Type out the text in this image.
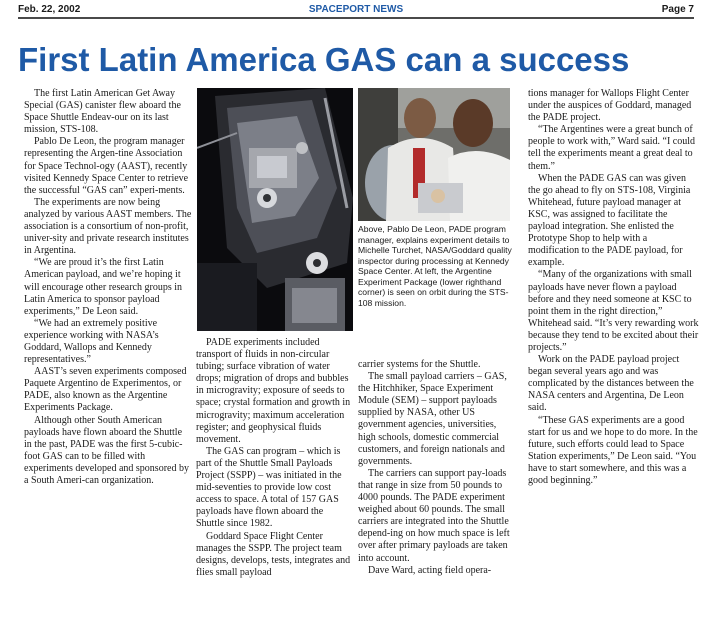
Feb. 22, 2002	SPACEPORT NEWS	Page 7
First Latin America GAS can a success

The first Latin American Get Away Special (GAS) canister flew aboard the Space Shuttle Endeav-our on its last mission, STS-108.

Pablo De Leon, the program manager representing the Argen-tine Association for Space Technol-ogy (AAST), recently visited Kennedy Space Center to retrieve the successful “GAS can” experi-ments.

The experiments are now being analyzed by various AAST members. The association is a consortium of non-profit, univer-sity and private research institutes in Argentina.

“We are proud it’s the first Latin American payload, and we’re hoping it will encourage other research groups in Latin America to sponsor payload experiments,” De Leon said.

“We had an extremely positive experience working with NASA’s Goddard, Wallops and Kennedy representatives.”

AAST’s seven experiments composed Paquete Argentino de Experimentos, or PADE, also known as the Argentine Experiments Package.

Although other South American payloads have flown aboard the Shuttle in the past, PADE was the first 5-cubic-foot GAS can to be filled with experiments developed and sponsored by a South Ameri-can organization.

Above, Pablo De Leon, PADE program manager, explains experiment details to Michelle Turchet, NASA/Goddard quality inspector during processing at Kennedy Space Center. At left, the Argentine Experiment Package (lower righthand corner) is seen on orbit during the STS-108 mission.

PADE experiments included transport of fluids in non-circular tubing; surface vibration of water drops; migration of drops and bubbles in microgravity; exposure of seeds to space; crystal formation and growth in microgravity; maximum acceleration register; and geophysical fluids movement.

The GAS can program – which is part of the Shuttle Small Payloads Project (SSPP) – was initiated in the mid-seventies to provide low cost access to space. A total of 157 GAS payloads have flown aboard the Shuttle since 1982.

Goddard Space Flight Center manages the SSPP. The project team designs, develops, tests, integrates and flies small payload

carrier systems for the Shuttle.

The small payload carriers – GAS, the Hitchhiker, Space Experiment Module (SEM) – support payloads supplied by NASA, other US government agencies, universities, high schools, domestic commercial customers, and foreign nationals and governments.

The carriers can support pay-loads that range in size from 50 pounds to 4000 pounds. The PADE experiment weighed about 60 pounds. The small carriers are integrated into the Shuttle depend-ing on how much space is left over after primary payloads are taken into account.

Dave Ward, acting field opera-

tions manager for Wallops Flight Center under the auspices of Goddard, managed the PADE project.

“The Argentines were a great bunch of people to work with,” Ward said. “I could tell the experiments meant a great deal to them.”

When the PADE GAS can was given the go ahead to fly on STS-108, Virginia Whitehead, future payload manager at KSC, was assigned to facilitate the payload integration. She enlisted the Prototype Shop to help with a modification to the PADE payload, for example.

“Many of the organizations with small payloads have never flown a payload before and they need someone at KSC to point them in the right direction,” Whitehead said. “It’s very rewarding work because they tend to be excited about their projects.”

Work on the PADE payload project began several years ago and was complicated by the distances between the NASA centers and Argentina, De Leon said.

“These GAS experiments are a good start for us and we hope to do more. In the future, such efforts could lead to Space Station experiments,” De Leon said. “You have to start somewhere, and this was a good beginning.”
